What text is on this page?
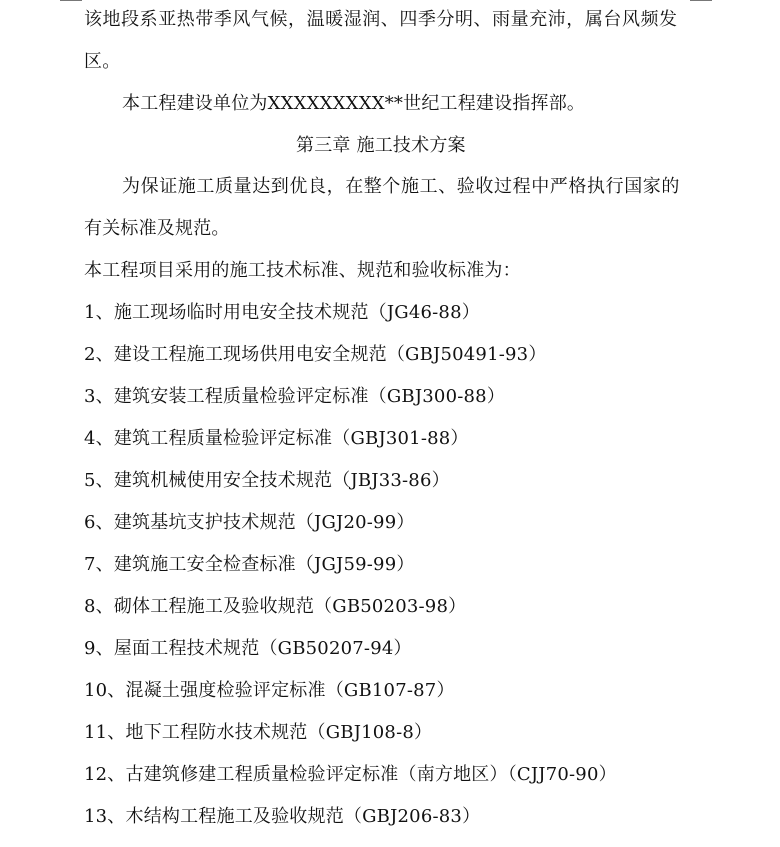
该地段系亚热带季风气候，温暖湿润、四季分明、雨量充沛，属台风频发
区。
本工程建设单位为XXXXXXXXX**世纪工程建设指挥部。
第三章 施工技术方案
为保证施工质量达到优良，在整个施工、验收过程中严格执行国家的
有关标准及规范。
本工程项目采用的施工技术标准、规范和验收标准为：
1、施工现场临时用电安全技术规范（JG46-88）
2、建设工程施工现场供用电安全规范（GBJ50491-93）
3、建筑安装工程质量检验评定标准（GBJ300-88）
4、建筑工程质量检验评定标准（GBJ301-88）
5、建筑机械使用安全技术规范（JBJ33-86）
6、建筑基坑支护技术规范（JGJ20-99）
7、建筑施工安全检查标准（JGJ59-99）
8、砌体工程施工及验收规范（GB50203-98）
9、屋面工程技术规范（GB50207-94）
10、混凝土强度检验评定标准（GB107-87）
11、地下工程防水技术规范（GBJ108-8）
12、古建筑修建工程质量检验评定标准（南方地区）（CJJ70-90）
13、木结构工程施工及验收规范（GBJ206-83）
